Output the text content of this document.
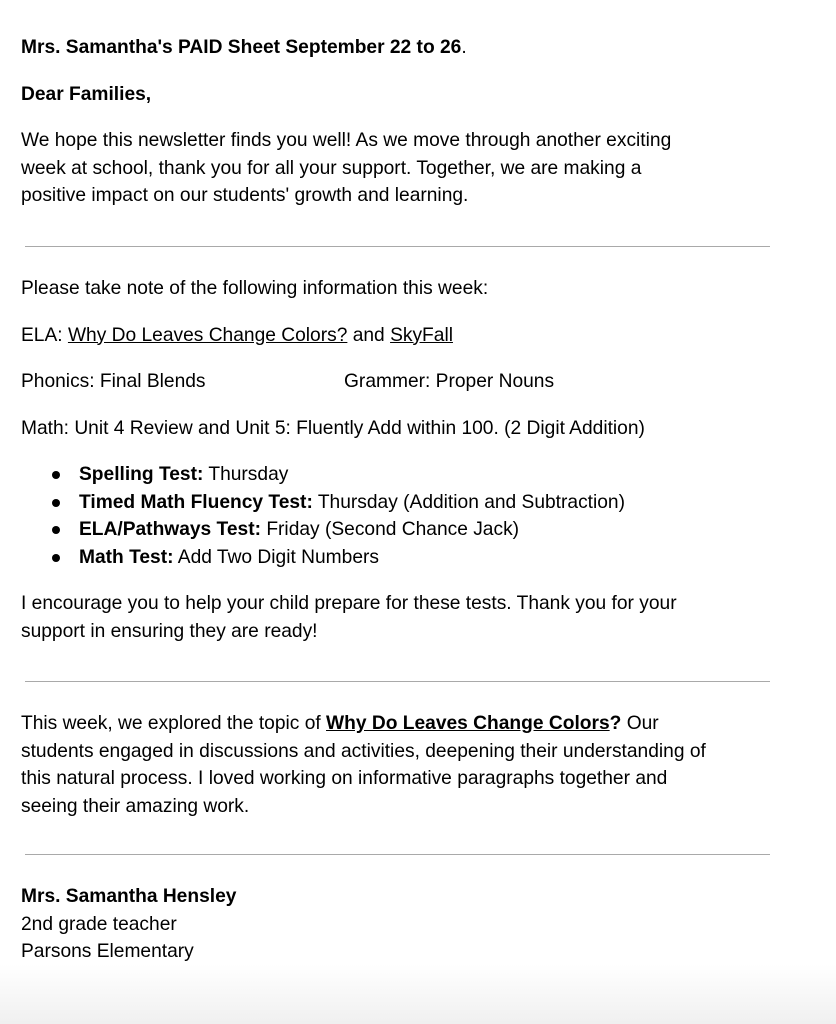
Mrs. Samantha's PAID Sheet September 22 to 26.
Dear Families,
We hope this newsletter finds you well! As we move through another exciting
week at school, thank you for all your support. Together, we are making a
positive impact on our students' growth and learning.
Please take note of the following information this week:
ELA: Why Do Leaves Change Colors? and SkyFall
Phonics: Final Blends	Grammer: Proper Nouns
Math: Unit 4 Review and Unit 5: Fluently Add within 100. (2 Digit Addition)
Spelling Test: Thursday
Timed Math Fluency Test: Thursday (Addition and Subtraction)
ELA/Pathways Test: Friday (Second Chance Jack)
Math Test: Add Two Digit Numbers
I encourage you to help your child prepare for these tests. Thank you for your
support in ensuring they are ready!
This week, we explored the topic of Why Do Leaves Change Colors? Our
students engaged in discussions and activities, deepening their understanding of
this natural process. I loved working on informative paragraphs together and
seeing their amazing work.
Mrs. Samantha Hensley
2nd grade teacher
Parsons Elementary
